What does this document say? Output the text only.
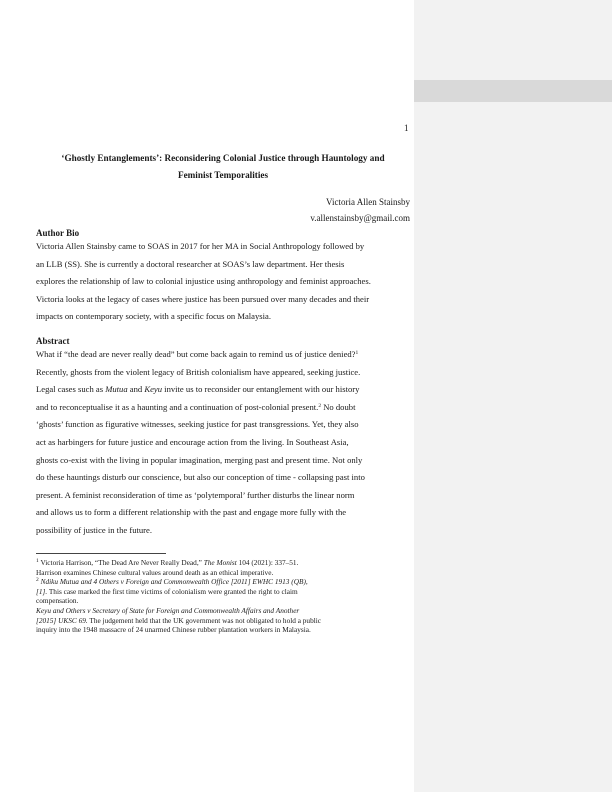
1
‘Ghostly Entanglements’: Reconsidering Colonial Justice through Hauntology and
Feminist Temporalities
Victoria Allen Stainsby
v.allenstainsby@gmail.com
Author Bio
Victoria Allen Stainsby came to SOAS in 2017 for her MA in Social Anthropology followed by
an LLB (SS). She is currently a doctoral researcher at SOAS’s law department. Her thesis
explores the relationship of law to colonial injustice using anthropology and feminist approaches.
Victoria looks at the legacy of cases where justice has been pursued over many decades and their
impacts on contemporary society, with a specific focus on Malaysia.
Abstract
What if “the dead are never really dead” but come back again to remind us of justice denied?$^1$
Recently, ghosts from the violent legacy of British colonialism have appeared, seeking justice.
Legal cases such as Mutua and Keyu invite us to reconsider our entanglement with our history
and to reconceptualise it as a haunting and a continuation of post-colonial present.$^2$ No doubt
‘ghosts’ function as figurative witnesses, seeking justice for past transgressions. Yet, they also
act as harbingers for future justice and encourage action from the living. In Southeast Asia,
ghosts co-exist with the living in popular imagination, merging past and present time. Not only
do these hauntings disturb our conscience, but also our conception of time - collapsing past into
present. A feminist reconsideration of time as ‘polytemporal’ further disturbs the linear norm
and allows us to form a different relationship with the past and engage more fully with the
possibility of justice in the future.
$^1$ Victoria Harrison, “The Dead Are Never Really Dead,” The Monist 104 (2021): 337–51.
Harrison examines Chinese cultural values around death as an ethical imperative.
$^2$ Ndiku Mutua and 4 Others v Foreign and Commonwealth Office [2011] EWHC 1913 (QB),
[1]. This case marked the first time victims of colonialism were granted the right to claim
compensation.
Keyu and Others v Secretary of State for Foreign and Commonwealth Affairs and Another
[2015] UKSC 69. The judgement held that the UK government was not obligated to hold a public
inquiry into the 1948 massacre of 24 unarmed Chinese rubber plantation workers in Malaysia.
